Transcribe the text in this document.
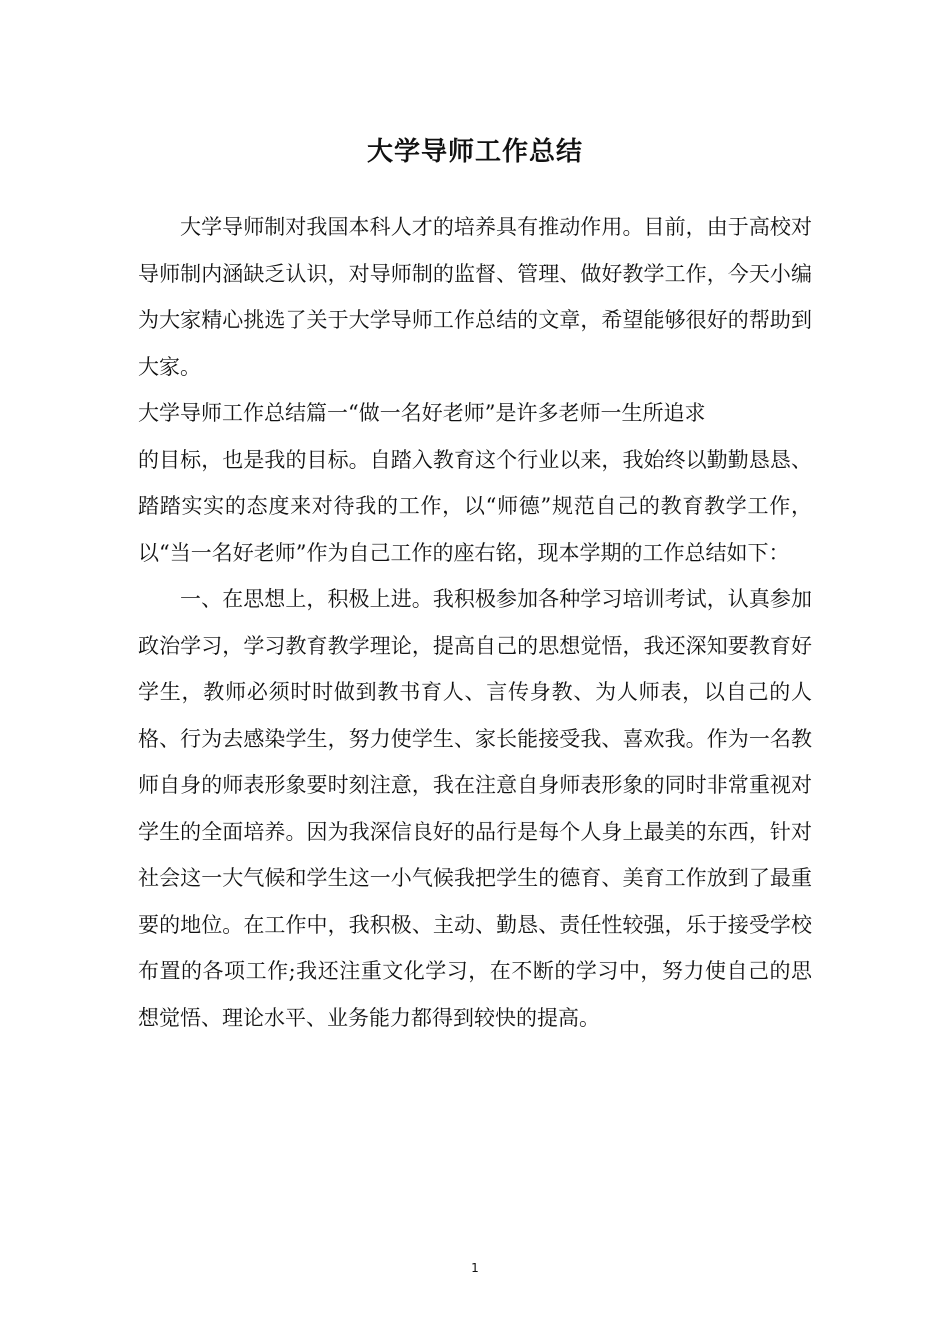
大学导师工作总结

大学导师制对我国本科人才的培养具有推动作用。目前，由于高校对导师制内涵缺乏认识，对导师制的监督、管理、做好教学工作，今天小编为大家精心挑选了关于大学导师工作总结的文章，希望能够很好的帮助到大家。

大学导师工作总结篇一“做一名好老师”是许多老师一生所追求

的目标，也是我的目标。自踏入教育这个行业以来，我始终以勤勤恳恳、踏踏实实的态度来对待我的工作，以“师德”规范自己的教育教学工作，以“当一名好老师”作为自己工作的座右铭，现本学期的工作总结如下：

一、在思想上，积极上进。我积极参加各种学习培训考试，认真参加政治学习，学习教育教学理论，提高自己的思想觉悟，我还深知要教育好学生，教师必须时时做到教书育人、言传身教、为人师表，以自己的人格、行为去感染学生，努力使学生、家长能接受我、喜欢我。作为一名教师自身的师表形象要时刻注意，我在注意自身师表形象的同时非常重视对学生的全面培养。因为我深信良好的品行是每个人身上最美的东西，针对社会这一大气候和学生这一小气候我把学生的德育、美育工作放到了最重要的地位。在工作中，我积极、主动、勤恳、责任性较强，乐于接受学校布置的各项工作;我还注重文化学习，在不断的学习中，努力使自己的思想觉悟、理论水平、业务能力都得到较快的提高。

1
